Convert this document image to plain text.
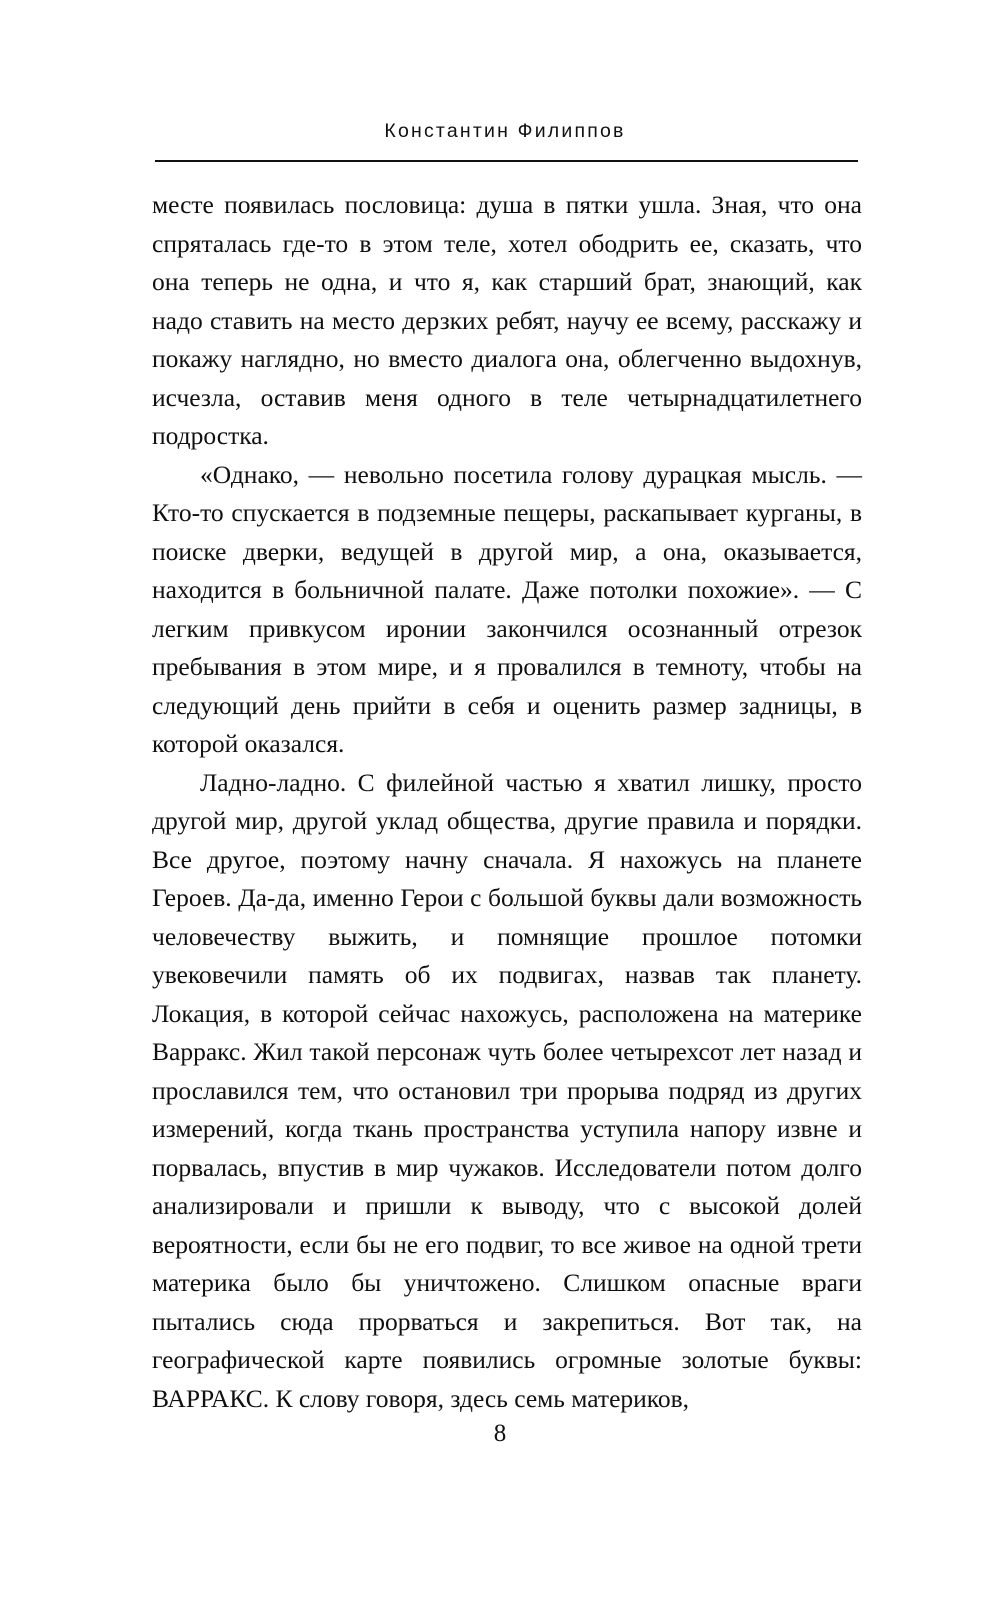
Константин Филиппов

месте появилась пословица: душа в пятки ушла. Зная, что она спряталась где-то в этом теле, хотел ободрить ее, сказать, что она теперь не одна, и что я, как старший брат, знающий, как надо ставить на место дерзких ребят, научу ее всему, расскажу и покажу наглядно, но вместо диалога она, облегченно выдохнув, исчезла, оставив меня одного в теле четырнадцатилетнего подростка.

«Однако, — невольно посетила голову дурацкая мысль. — Кто-то спускается в подземные пещеры, раскапывает курганы, в поиске дверки, ведущей в другой мир, а она, оказывается, находится в больничной палате. Даже потолки похожие». — С легким привкусом иронии закончился осознанный отрезок пребывания в этом мире, и я провалился в темноту, чтобы на следующий день прийти в себя и оценить размер задницы, в которой оказался.

Ладно-ладно. С филейной частью я хватил лишку, просто другой мир, другой уклад общества, другие правила и порядки. Все другое, поэтому начну сначала. Я нахожусь на планете Героев. Да-да, именно Герои с большой буквы дали возможность человечеству выжить, и помнящие прошлое потомки увековечили память об их подвигах, назвав так планету. Локация, в которой сейчас нахожусь, расположена на материке Варракс. Жил такой персонаж чуть более четырехсот лет назад и прославился тем, что остановил три прорыва подряд из других измерений, когда ткань пространства уступила напору извне и порвалась, впустив в мир чужаков. Исследователи потом долго анализировали и пришли к выводу, что с высокой долей вероятности, если бы не его подвиг, то все живое на одной трети материка было бы уничтожено. Слишком опасные враги пытались сюда прорваться и закрепиться. Вот так, на географической карте появились огромные золотые буквы: ВАРРАКС. К слову говоря, здесь семь материков,

8
